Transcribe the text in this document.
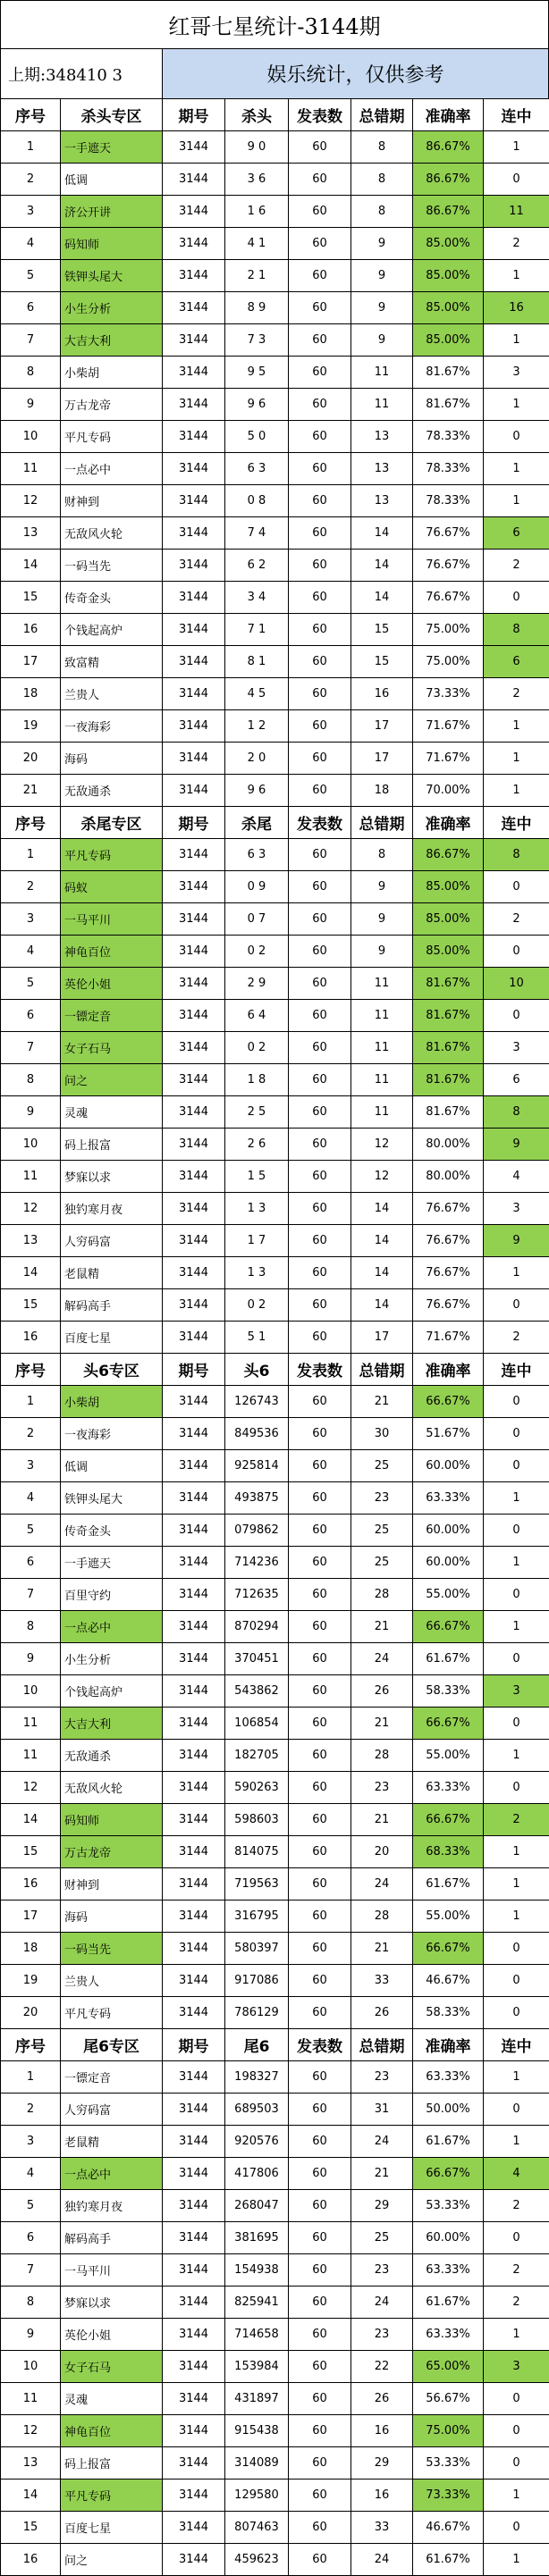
红哥七星统计-3144期
上期:348410 3	娱乐统计，仅供参考
序号	杀头专区	期号	杀头	发表数	总错期	准确率	连中
1	一手遮天	3144	9 0	60	8	86.67%	1
2	低调	3144	3 6	60	8	86.67%	0
3	济公开讲	3144	1 6	60	8	86.67%	11
4	码知师	3144	4 1	60	9	85.00%	2
5	铁钾头尾大	3144	2 1	60	9	85.00%	1
6	小生分析	3144	8 9	60	9	85.00%	16
7	大吉大利	3144	7 3	60	9	85.00%	1
8	小柴胡	3144	9 5	60	11	81.67%	3
9	万古龙帝	3144	9 6	60	11	81.67%	1
10	平凡专码	3144	5 0	60	13	78.33%	0
11	一点必中	3144	6 3	60	13	78.33%	1
12	财神到	3144	0 8	60	13	78.33%	1
13	无敌风火轮	3144	7 4	60	14	76.67%	6
14	一码当先	3144	6 2	60	14	76.67%	2
15	传奇金头	3144	3 4	60	14	76.67%	0
16	个钱起高炉	3144	7 1	60	15	75.00%	8
17	致富精	3144	8 1	60	15	75.00%	6
18	兰贵人	3144	4 5	60	16	73.33%	2
19	一夜海彩	3144	1 2	60	17	71.67%	1
20	海码	3144	2 0	60	17	71.67%	1
21	无敌通杀	3144	9 6	60	18	70.00%	1
序号	杀尾专区	期号	杀尾	发表数	总错期	准确率	连中
1	平凡专码	3144	6 3	60	8	86.67%	8
2	码蚁	3144	0 9	60	9	85.00%	0
3	一马平川	3144	0 7	60	9	85.00%	2
4	神龟百位	3144	0 2	60	9	85.00%	0
5	英伦小姐	3144	2 9	60	11	81.67%	10
6	一镖定音	3144	6 4	60	11	81.67%	0
7	女子石马	3144	0 2	60	11	81.67%	3
8	问之	3144	1 8	60	11	81.67%	6
9	灵魂	3144	2 5	60	11	81.67%	8
10	码上报富	3144	2 6	60	12	80.00%	9
11	梦寐以求	3144	1 5	60	12	80.00%	4
12	独钓寒月夜	3144	1 3	60	14	76.67%	3
13	人穷码富	3144	1 7	60	14	76.67%	9
14	老鼠精	3144	1 3	60	14	76.67%	1
15	解码高手	3144	0 2	60	14	76.67%	0
16	百度七星	3144	5 1	60	17	71.67%	2
序号	头6专区	期号	头6	发表数	总错期	准确率	连中
1	小柴胡	3144	126743	60	21	66.67%	0
2	一夜海彩	3144	849536	60	30	51.67%	0
3	低调	3144	925814	60	25	60.00%	0
4	铁钾头尾大	3144	493875	60	23	63.33%	1
5	传奇金头	3144	079862	60	25	60.00%	0
6	一手遮天	3144	714236	60	25	60.00%	1
7	百里守约	3144	712635	60	28	55.00%	0
8	一点必中	3144	870294	60	21	66.67%	1
9	小生分析	3144	370451	60	24	61.67%	0
10	个钱起高炉	3144	543862	60	26	58.33%	3
11	大吉大利	3144	106854	60	21	66.67%	0
11	无敌通杀	3144	182705	60	28	55.00%	1
12	无敌风火轮	3144	590263	60	23	63.33%	0
14	码知师	3144	598603	60	21	66.67%	2
15	万古龙帝	3144	814075	60	20	68.33%	1
16	财神到	3144	719563	60	24	61.67%	1
17	海码	3144	316795	60	28	55.00%	1
18	一码当先	3144	580397	60	21	66.67%	0
19	兰贵人	3144	917086	60	33	46.67%	0
20	平凡专码	3144	786129	60	26	58.33%	0
序号	尾6专区	期号	尾6	发表数	总错期	准确率	连中
1	一镖定音	3144	198327	60	23	63.33%	1
2	人穷码富	3144	689503	60	31	50.00%	0
3	老鼠精	3144	920576	60	24	61.67%	1
4	一点必中	3144	417806	60	21	66.67%	4
5	独钓寒月夜	3144	268047	60	29	53.33%	2
6	解码高手	3144	381695	60	25	60.00%	0
7	一马平川	3144	154938	60	23	63.33%	2
8	梦寐以求	3144	825941	60	24	61.67%	2
9	英伦小姐	3144	714658	60	23	63.33%	1
10	女子石马	3144	153984	60	22	65.00%	3
11	灵魂	3144	431897	60	26	56.67%	0
12	神龟百位	3144	915438	60	16	75.00%	0
13	码上报富	3144	314089	60	29	53.33%	0
14	平凡专码	3144	129580	60	16	73.33%	1
15	百度七星	3144	807463	60	33	46.67%	0
16	问之	3144	459623	60	24	61.67%	1
